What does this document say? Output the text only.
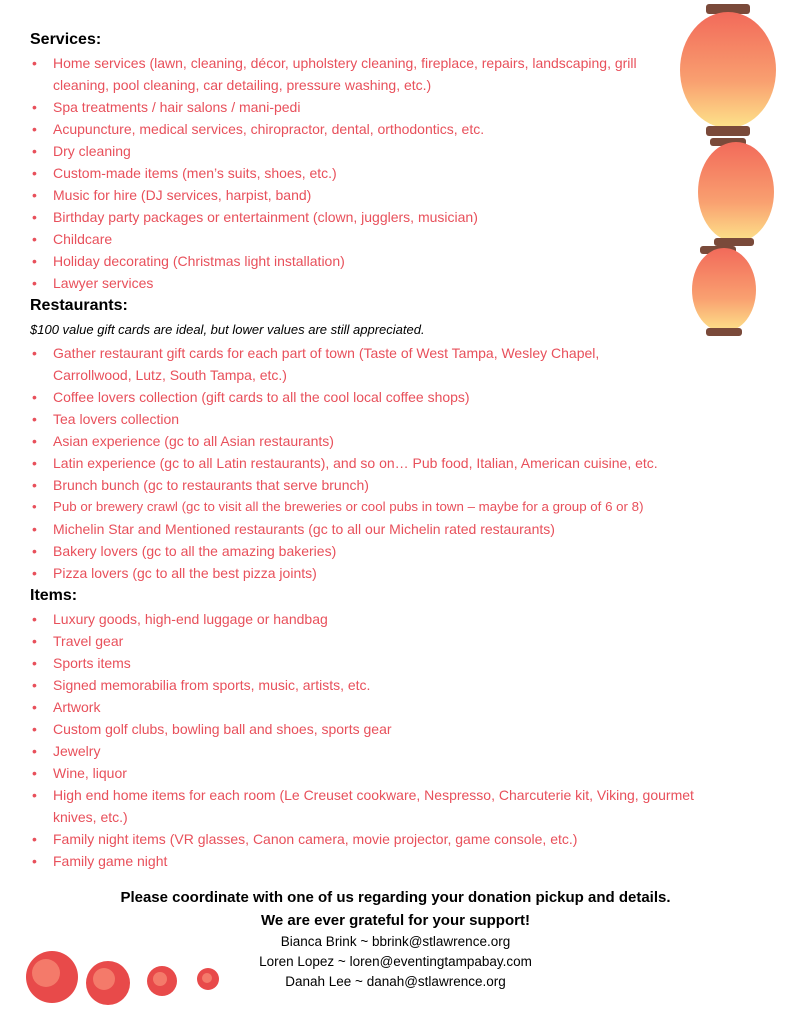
Services:
• Home services (lawn, cleaning, décor, upholstery cleaning, fireplace, repairs, landscaping, grill cleaning, pool cleaning, car detailing, pressure washing, etc.)
• Spa treatments / hair salons / mani-pedi
• Acupuncture, medical services, chiropractor, dental, orthodontics, etc.
• Dry cleaning
• Custom-made items (men’s suits, shoes, etc.)
• Music for hire (DJ services, harpist, band)
• Birthday party packages or entertainment (clown, jugglers, musician)
• Childcare
• Holiday decorating (Christmas light installation)
• Lawyer services
Restaurants:
$100 value gift cards are ideal, but lower values are still appreciated.
• Gather restaurant gift cards for each part of town (Taste of West Tampa, Wesley Chapel, Carrollwood, Lutz, South Tampa, etc.)
• Coffee lovers collection (gift cards to all the cool local coffee shops)
• Tea lovers collection
• Asian experience (gc to all Asian restaurants)
• Latin experience (gc to all Latin restaurants), and so on… Pub food, Italian, American cuisine, etc.
• Brunch bunch (gc to restaurants that serve brunch)
• Pub or brewery crawl (gc to visit all the breweries or cool pubs in town – maybe for a group of 6 or 8)
• Michelin Star and Mentioned restaurants (gc to all our Michelin rated restaurants)
• Bakery lovers (gc to all the amazing bakeries)
• Pizza lovers (gc to all the best pizza joints)
Items:
• Luxury goods, high-end luggage or handbag
• Travel gear
• Sports items
• Signed memorabilia from sports, music, artists, etc.
• Artwork
• Custom golf clubs, bowling ball and shoes, sports gear
• Jewelry
• Wine, liquor
• High end home items for each room (Le Creuset cookware, Nespresso, Charcuterie kit, Viking, gourmet knives, etc.)
• Family night items (VR glasses, Canon camera, movie projector, game console, etc.)
• Family game night
Please coordinate with one of us regarding your donation pickup and details.
We are ever grateful for your support!
Bianca Brink ~ bbrink@stlawrence.org
Loren Lopez ~ loren@eventingtampabay.com
Danah Lee ~ danah@stlawrence.org
